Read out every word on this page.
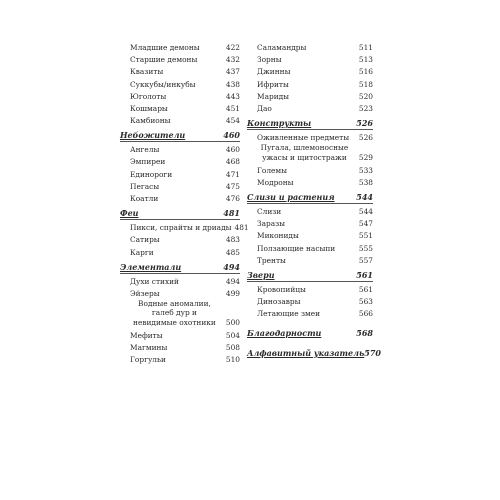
Младшие демоны	422
Старшие демоны	432
Квазиты	437
Суккубы/инкубы	438
Юголоты	443
Кошмары	451
Камбионы	454
Небожители	460
Ангелы	460
Эмпиреи	468
Единороги	471
Пегасы	475
Коатли	476
Феи	481
Пикси, спрайты и дриады 481
Сатиры	483
Карги	485
Элементали	494
Духи стихий	494
Эйзеры	499
Водные аномалии, галеб дур и невидимые охотники	500
Мефиты	504
Магмины	508
Горгульи	510
Саламандры	511
Зорны	513
Джинны	516
Ифриты	518
Мариды	520
Дао	523
Конструкты	526
Оживленные предметы	526
Пугала, шлемоносные ужасы и щитостражи	529
Големы	533
Модроны	538
Слизи и растения	544
Слизи	544
Заразы	547
Микониды	551
Ползающие насыпи	555
Тренты	557
Звери	561
Кровопийцы	561
Динозавры	563
Летающие змеи	566
Благодарности	568
Алфавитный указатель 570
